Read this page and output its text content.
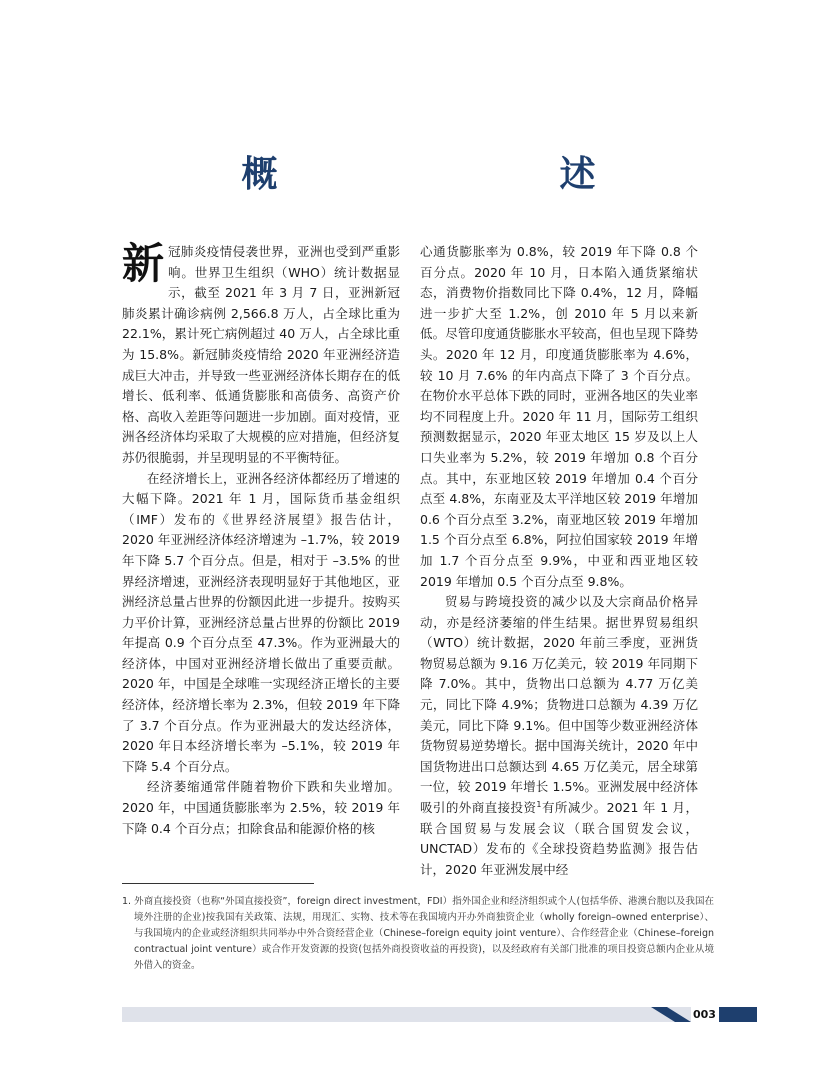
概　　述

新冠肺炎疫情侵袭世界，亚洲也受到严重影响。世界卫生组织（WHO）统计数据显示，截至 2021 年 3 月 7 日，亚洲新冠肺炎累计确诊病例 2,566.8 万人，占全球比重为 22.1%，累计死亡病例超过 40 万人，占全球比重为 15.8%。新冠肺炎疫情给 2020 年亚洲经济造成巨大冲击，并导致一些亚洲经济体长期存在的低增长、低利率、低通货膨胀和高债务、高资产价格、高收入差距等问题进一步加剧。面对疫情，亚洲各经济体均采取了大规模的应对措施，但经济复苏仍很脆弱，并呈现明显的不平衡特征。

在经济增长上，亚洲各经济体都经历了增速的大幅下降。2021 年 1 月，国际货币基金组织（IMF）发布的《世界经济展望》报告估计，2020 年亚洲经济体经济增速为 –1.7%，较 2019 年下降 5.7 个百分点。但是，相对于 –3.5% 的世界经济增速，亚洲经济表现明显好于其他地区，亚洲经济总量占世界的份额因此进一步提升。按购买力平价计算，亚洲经济总量占世界的份额比 2019 年提高 0.9 个百分点至 47.3%。作为亚洲最大的经济体，中国对亚洲经济增长做出了重要贡献。2020 年，中国是全球唯一实现经济正增长的主要经济体，经济增长率为 2.3%，但较 2019 年下降了 3.7 个百分点。作为亚洲最大的发达经济体，2020 年日本经济增长率为 –5.1%，较 2019 年下降 5.4 个百分点。

经济萎缩通常伴随着物价下跌和失业增加。2020 年，中国通货膨胀率为 2.5%，较 2019 年下降 0.4 个百分点；扣除食品和能源价格的核

心通货膨胀率为 0.8%，较 2019 年下降 0.8 个百分点。2020 年 10 月，日本陷入通货紧缩状态，消费物价指数同比下降 0.4%，12 月，降幅进一步扩大至 1.2%，创 2010 年 5 月以来新低。尽管印度通货膨胀水平较高，但也呈现下降势头。2020 年 12 月，印度通货膨胀率为 4.6%，较 10 月 7.6% 的年内高点下降了 3 个百分点。在物价水平总体下跌的同时，亚洲各地区的失业率均不同程度上升。2020 年 11 月，国际劳工组织预测数据显示，2020 年亚太地区 15 岁及以上人口失业率为 5.2%，较 2019 年增加 0.8 个百分点。其中，东亚地区较 2019 年增加 0.4 个百分点至 4.8%，东南亚及太平洋地区较 2019 年增加 0.6 个百分点至 3.2%，南亚地区较 2019 年增加 1.5 个百分点至 6.8%，阿拉伯国家较 2019 年增加 1.7 个百分点至 9.9%，中亚和西亚地区较 2019 年增加 0.5 个百分点至 9.8%。

贸易与跨境投资的减少以及大宗商品价格异动，亦是经济萎缩的伴生结果。据世界贸易组织（WTO）统计数据，2020 年前三季度，亚洲货物贸易总额为 9.16 万亿美元，较 2019 年同期下降 7.0%。其中，货物出口总额为 4.77 万亿美元，同比下降 4.9%；货物进口总额为 4.39 万亿美元，同比下降 9.1%。但中国等少数亚洲经济体货物贸易逆势增长。据中国海关统计，2020 年中国货物进出口总额达到 4.65 万亿美元，居全球第一位，较 2019 年增长 1.5%。亚洲发展中经济体吸引的外商直接投资$^1$有所减少。2021 年 1 月，联合国贸易与发展会议（联合国贸发会议，UNCTAD）发布的《全球投资趋势监测》报告估计，2020 年亚洲发展中经

1. 外商直接投资（也称“外国直接投资”，foreign direct investment，FDI）指外国企业和经济组织或个人(包括华侨、港澳台胞以及我国在境外注册的企业)按我国有关政策、法规，用现汇、实物、技术等在我国境内开办外商独资企业（wholly foreign–owned enterprise）、与我国境内的企业或经济组织共同举办中外合资经营企业（Chinese–foreign equity joint venture）、合作经营企业（Chinese–foreign contractual joint venture）或合作开发资源的投资(包括外商投资收益的再投资)，以及经政府有关部门批准的项目投资总额内企业从境外借入的资金。

003
